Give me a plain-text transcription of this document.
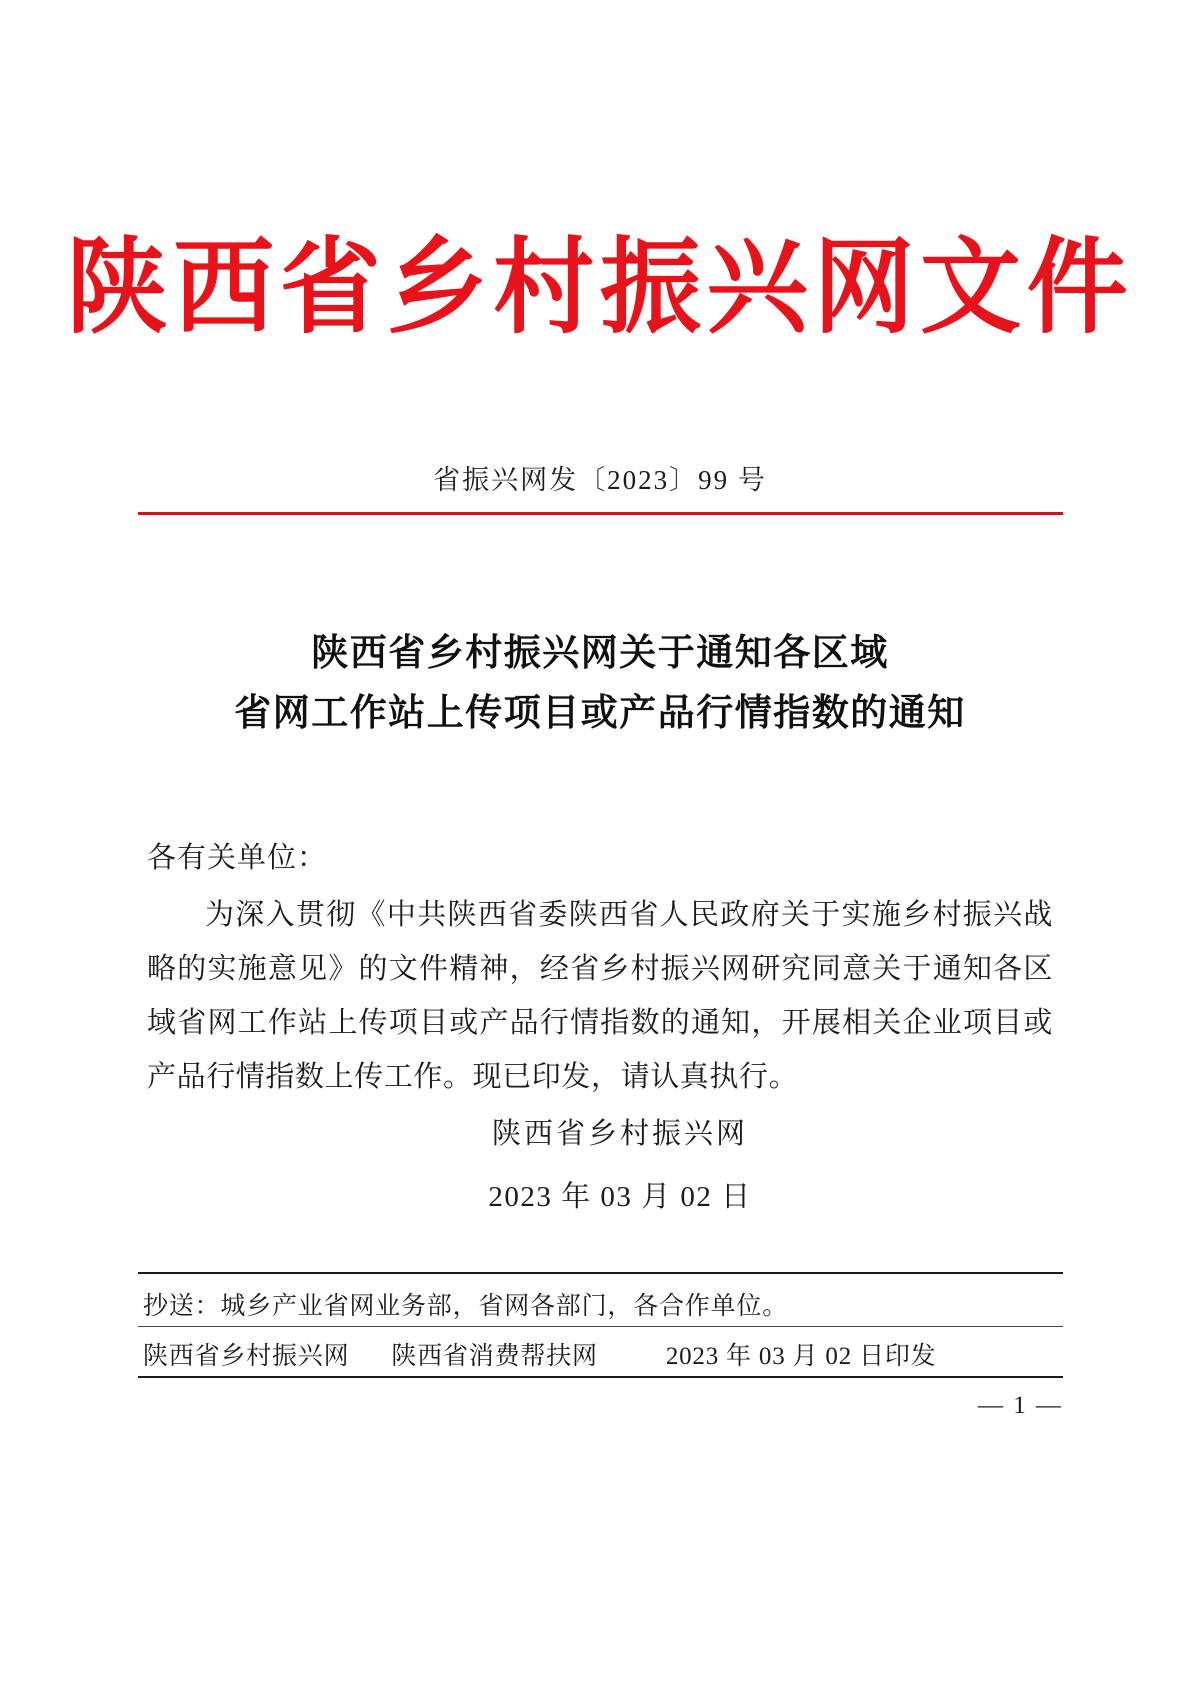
陕西省乡村振兴网文件
省振兴网发〔2023〕99 号
陕西省乡村振兴网关于通知各区域
省网工作站上传项目或产品行情指数的通知
各有关单位：
为深入贯彻《中共陕西省委陕西省人民政府关于实施乡村振兴战略的实施意见》的文件精神，经省乡村振兴网研究同意关于通知各区域省网工作站上传项目或产品行情指数的通知，开展相关企业项目或产品行情指数上传工作。现已印发，请认真执行。
陕西省乡村振兴网
2023 年 03 月 02 日
抄送：城乡产业省网业务部，省网各部门，各合作单位。
陕西省乡村振兴网 陕西省消费帮扶网	2023 年 03 月 02 日印发
— 1 —
